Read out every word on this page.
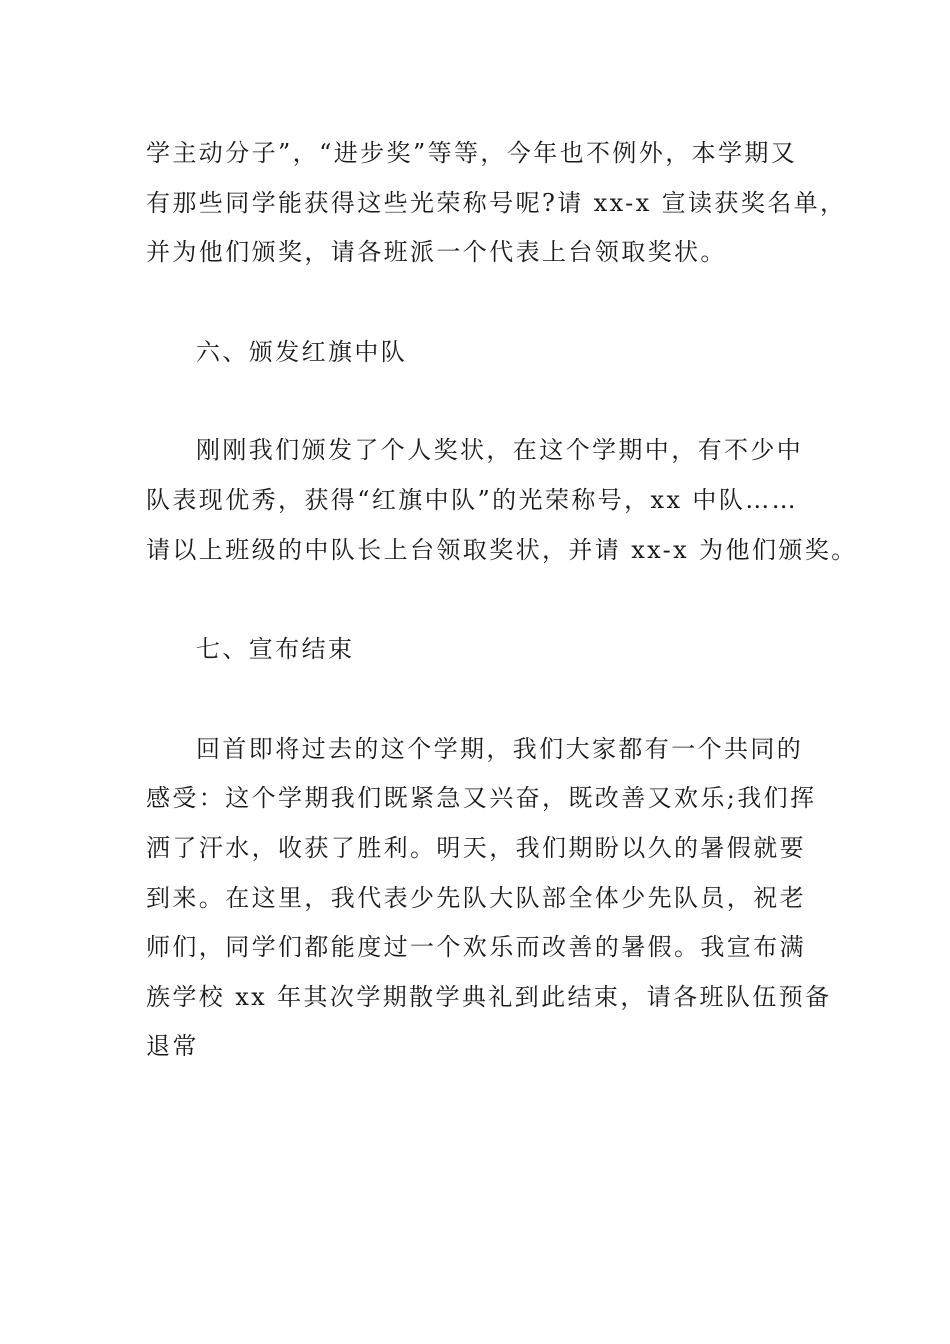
学主动分子”，“进步奖”等等，今年也不例外，本学期又
有那些同学能获得这些光荣称号呢?请 xx-x 宣读获奖名单，
并为他们颁奖，请各班派一个代表上台领取奖状。
六、颁发红旗中队
刚刚我们颁发了个人奖状，在这个学期中，有不少中
队表现优秀，获得“红旗中队”的光荣称号，xx 中队……
请以上班级的中队长上台领取奖状，并请 xx-x 为他们颁奖。
七、宣布结束
回首即将过去的这个学期，我们大家都有一个共同的
感受：这个学期我们既紧急又兴奋，既改善又欢乐;我们挥
洒了汗水，收获了胜利。明天，我们期盼以久的暑假就要
到来。在这里，我代表少先队大队部全体少先队员，祝老
师们，同学们都能度过一个欢乐而改善的暑假。我宣布满
族学校 xx 年其次学期散学典礼到此结束，请各班队伍预备
退常
